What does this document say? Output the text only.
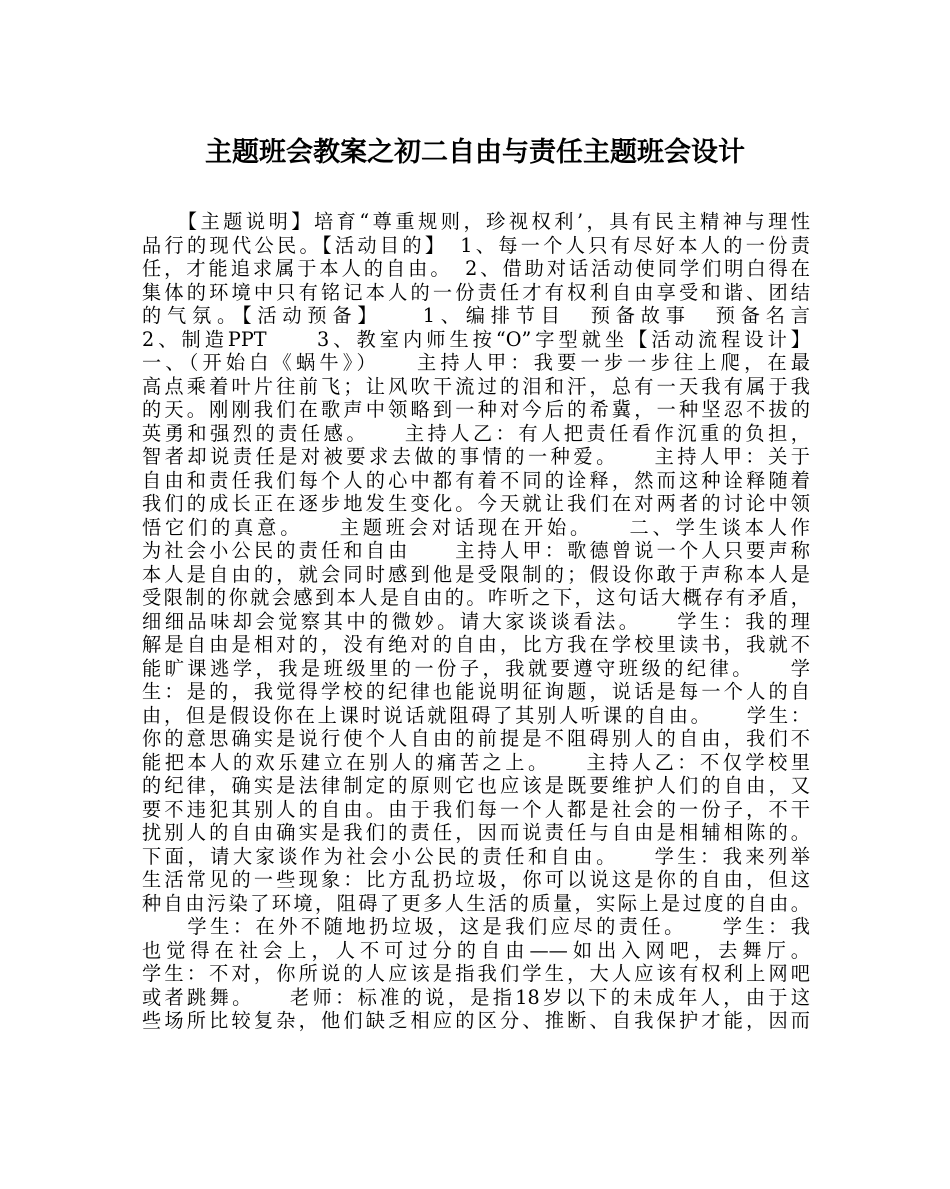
主题班会教案之初二自由与责任主题班会设计
　　【主题说明】培育“尊重规则，珍视权利’，具有民主精神与理性
品行的现代公民。【活动目的】　1、每一个人只有尽好本人的一份责
任，才能追求属于本人的自由。　2、借助对话活动使同学们明白得在
集体的环境中只有铭记本人的一份责任才有权利自由享受和谐、团结
的气氛。【活动预备】　　1、编排节目　预备故事　预备名言
2、制造PPT　　3、教室内师生按“O”字型就坐【活动流程设计】
一、（开始白《蜗牛》）　　主持人甲：我要一步一步往上爬，在最
高点乘着叶片往前飞；让风吹干流过的泪和汗，总有一天我有属于我
的天。刚刚我们在歌声中领略到一种对今后的希冀，一种坚忍不拔的
英勇和强烈的责任感。　　主持人乙：有人把责任看作沉重的负担，
智者却说责任是对被要求去做的事情的一种爱。　　主持人甲：关于
自由和责任我们每个人的心中都有着不同的诠释，然而这种诠释随着
我们的成长正在逐步地发生变化。今天就让我们在对两者的讨论中领
悟它们的真意。　　主题班会对话现在开始。　　二、学生谈本人作
为社会小公民的责任和自由　　主持人甲：歌德曾说一个人只要声称
本人是自由的，就会同时感到他是受限制的；假设你敢于声称本人是
受限制的你就会感到本人是自由的。咋听之下，这句话大概存有矛盾，
细细品味却会觉察其中的微妙。请大家谈谈看法。　　学生：我的理
解是自由是相对的，没有绝对的自由，比方我在学校里读书，我就不
能旷课逃学，我是班级里的一份子，我就要遵守班级的纪律。　　学
生：是的，我觉得学校的纪律也能说明征询题，说话是每一个人的自
由，但是假设你在上课时说话就阻碍了其别人听课的自由。　　学生：
你的意思确实是说行使个人自由的前提是不阻碍别人的自由，我们不
能把本人的欢乐建立在别人的痛苦之上。　　主持人乙：不仅学校里
的纪律，确实是法律制定的原则它也应该是既要维护人们的自由，又
要不违犯其别人的自由。由于我们每一个人都是社会的一份子，不干
扰别人的自由确实是我们的责任，因而说责任与自由是相辅相陈的。
下面，请大家谈作为社会小公民的责任和自由。　　学生：我来列举
生活常见的一些现象：比方乱扔垃圾，你可以说这是你的自由，但这
种自由污染了环境，阻碍了更多人生活的质量，实际上是过度的自由。
　　学生：在外不随地扔垃圾，这是我们应尽的责任。　　学生：我
也觉得在社会上，人不可过分的自由——如出入网吧，去舞厅。
学生：不对，你所说的人应该是指我们学生，大人应该有权利上网吧
或者跳舞。　　老师：标准的说，是指18岁以下的未成年人，由于这
些场所比较复杂，他们缺乏相应的区分、推断、自我保护才能，因而
